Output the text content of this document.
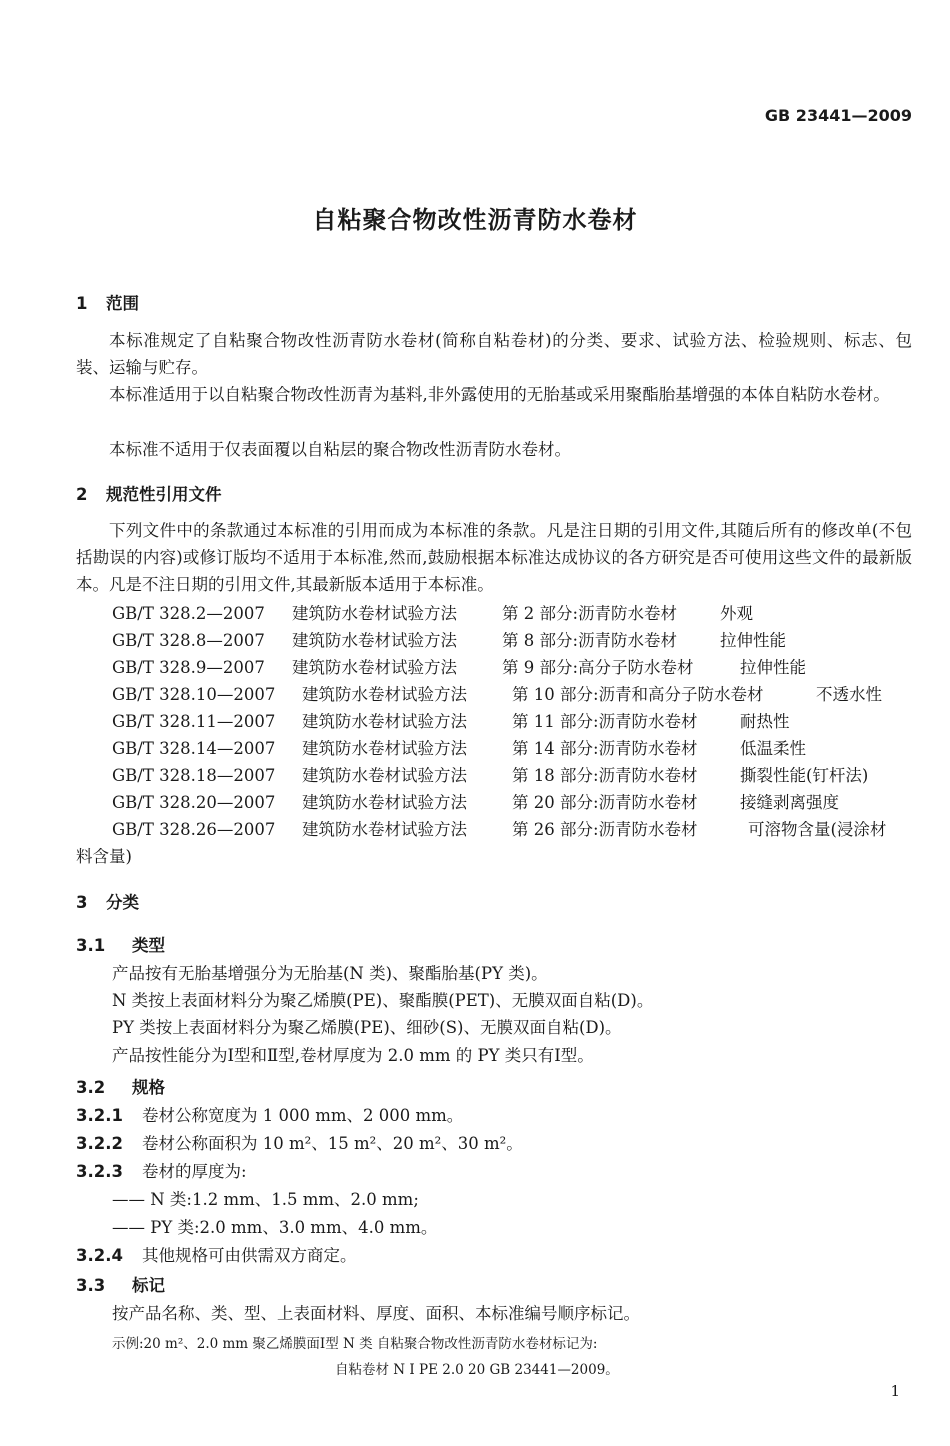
GB 23441—2009
自粘聚合物改性沥青防水卷材
1 范围
本标准规定了自粘聚合物改性沥青防水卷材(简称自粘卷材)的分类、要求、试验方法、检验规则、标志、包装、运输与贮存。
本标准适用于以自粘聚合物改性沥青为基料,非外露使用的无胎基或采用聚酯胎基增强的本体自粘防水卷材。
本标准不适用于仅表面覆以自粘层的聚合物改性沥青防水卷材。
2 规范性引用文件
下列文件中的条款通过本标准的引用而成为本标准的条款。凡是注日期的引用文件,其随后所有的修改单(不包括勘误的内容)或修订版均不适用于本标准,然而,鼓励根据本标准达成协议的各方研究是否可使用这些文件的最新版本。凡是不注日期的引用文件,其最新版本适用于本标准。
GB/T 328.2—2007 建筑防水卷材试验方法	第 2 部分:沥青防水卷材	外观
GB/T 328.8—2007 建筑防水卷材试验方法	第 8 部分:沥青防水卷材	拉伸性能
GB/T 328.9—2007 建筑防水卷材试验方法	第 9 部分:高分子防水卷材	拉伸性能
GB/T 328.10—2007 建筑防水卷材试验方法	第 10 部分:沥青和高分子防水卷材	不透水性
GB/T 328.11—2007 建筑防水卷材试验方法	第 11 部分:沥青防水卷材	耐热性
GB/T 328.14—2007 建筑防水卷材试验方法	第 14 部分:沥青防水卷材	低温柔性
GB/T 328.18—2007 建筑防水卷材试验方法	第 18 部分:沥青防水卷材	撕裂性能(钉杆法)
GB/T 328.20—2007 建筑防水卷材试验方法	第 20 部分:沥青防水卷材	接缝剥离强度
GB/T 328.26—2007 建筑防水卷材试验方法	第 26 部分:沥青防水卷材	可溶物含量(浸涂材
料含量)
3 分类
3.1 类型
产品按有无胎基增强分为无胎基(N 类)、聚酯胎基(PY 类)。
N 类按上表面材料分为聚乙烯膜(PE)、聚酯膜(PET)、无膜双面自粘(D)。
PY 类按上表面材料分为聚乙烯膜(PE)、细砂(S)、无膜双面自粘(D)。
产品按性能分为Ⅰ型和Ⅱ型,卷材厚度为 2.0 mm 的 PY 类只有Ⅰ型。
3.2 规格
3.2.1 卷材公称宽度为 1 000 mm、2 000 mm。
3.2.2 卷材公称面积为 10 m²、15 m²、20 m²、30 m²。
3.2.3 卷材的厚度为:
—— N 类:1.2 mm、1.5 mm、2.0 mm;
—— PY 类:2.0 mm、3.0 mm、4.0 mm。
3.2.4 其他规格可由供需双方商定。
3.3 标记
按产品名称、类、型、上表面材料、厚度、面积、本标准编号顺序标记。
示例:20 m²、2.0 mm 聚乙烯膜面Ⅰ型 N 类 自粘聚合物改性沥青防水卷材标记为:
自粘卷材 N Ⅰ PE 2.0 20 GB 23441—2009。
1
